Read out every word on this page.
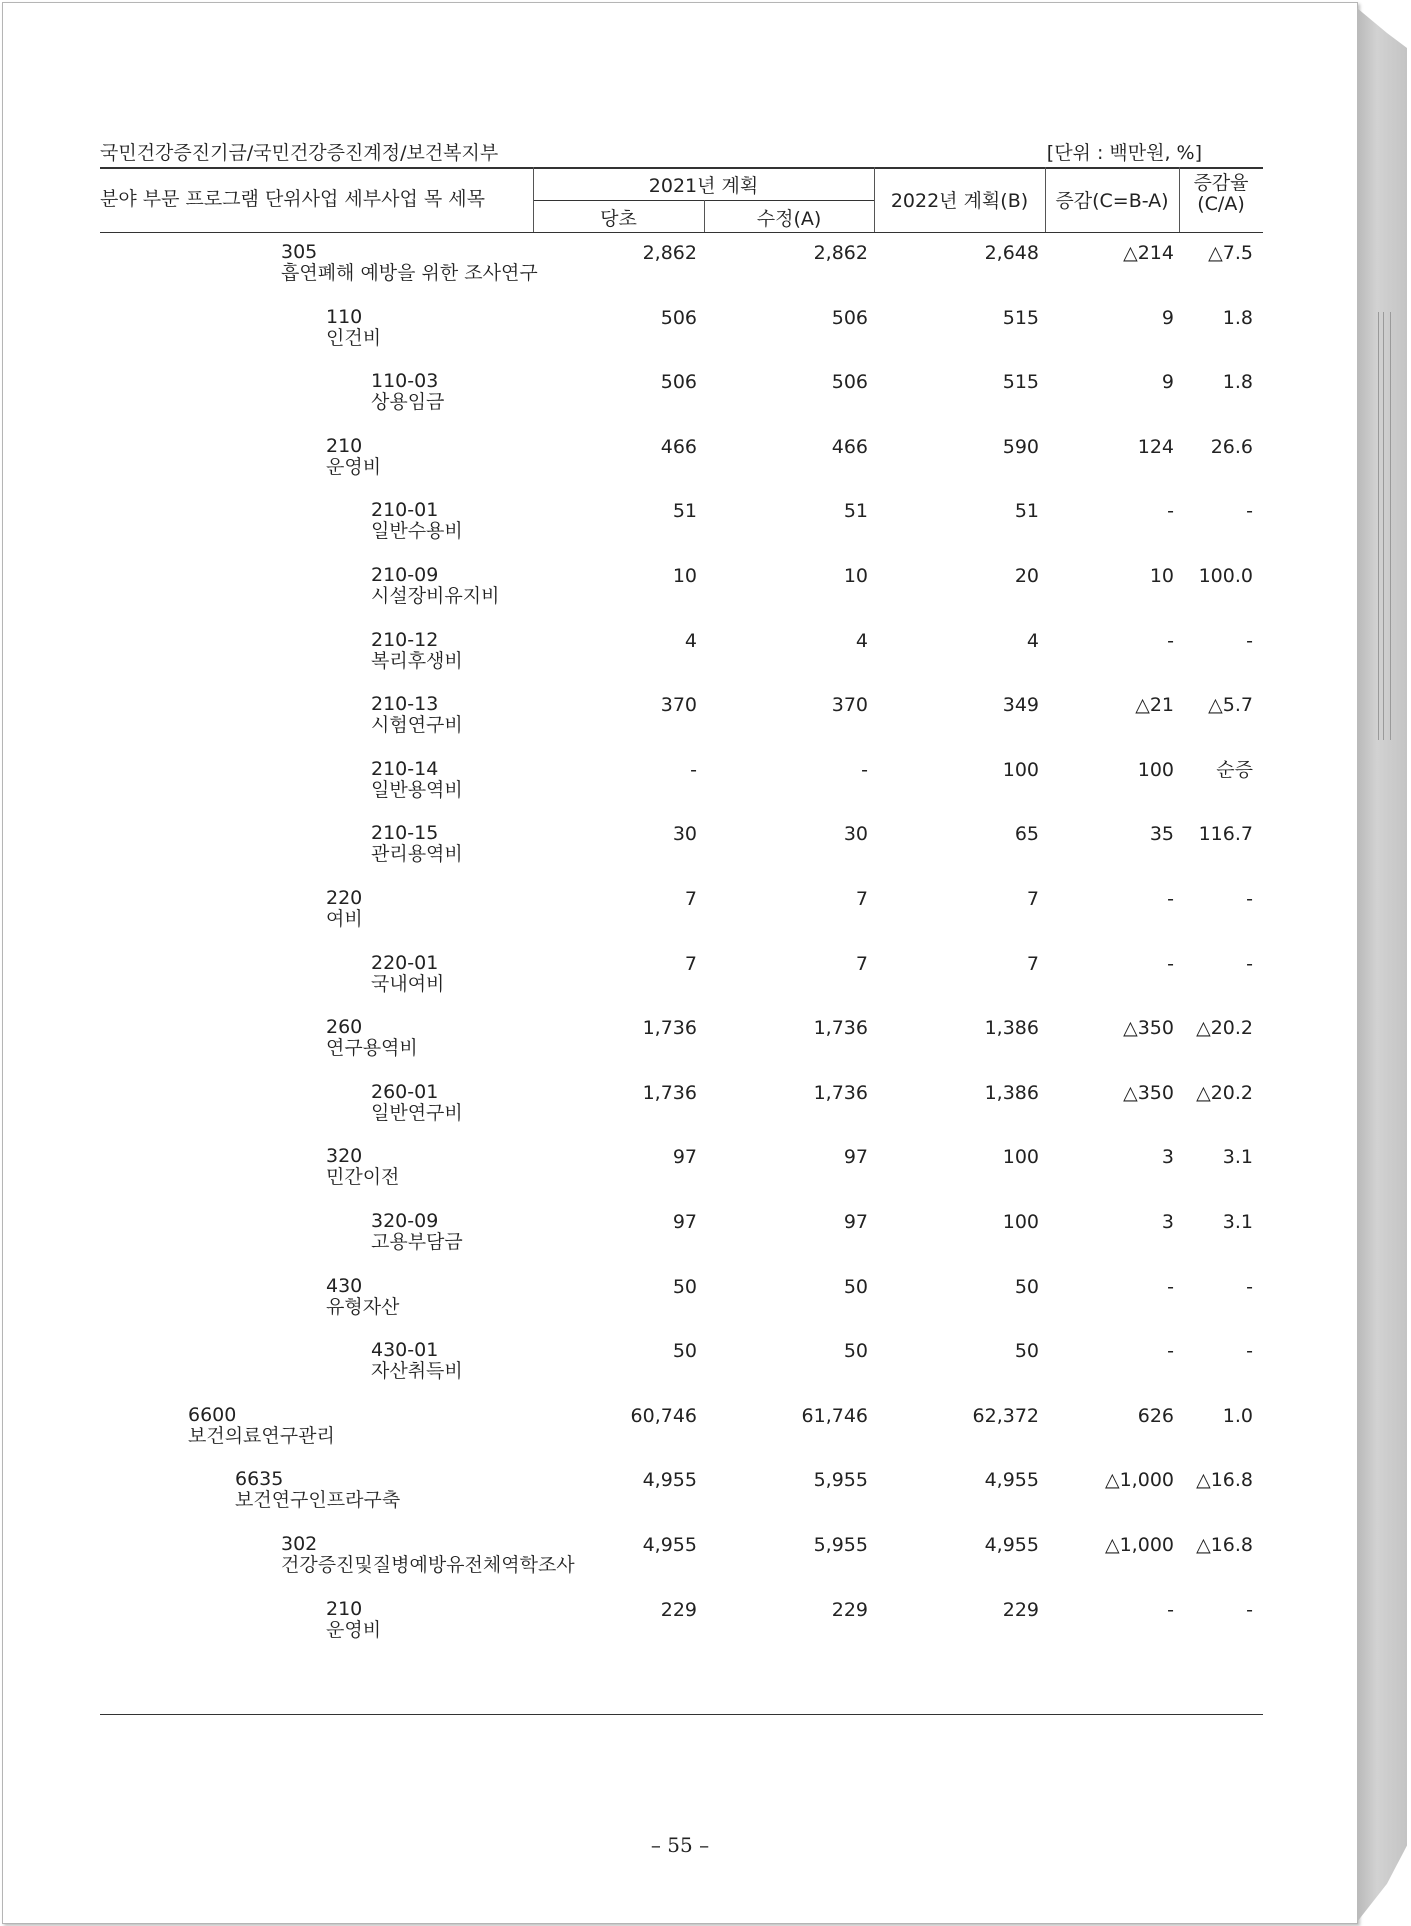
국민건강증진기금/국민건강증진계정/보건복지부	[단위 : 백만원, %]
분야 부문 프로그램 단위사업 세부사업 목 세목
2021년 계획
당초	수정(A)
2022년 계획(B)	증감(C=B-A)
증감율
(C/A)
305
흡연폐해 예방을 위한 조사연구
2,862	2,862	2,648	△214 △7.5
110
인건비
506	506	515	9	1.8
110-03
상용임금
506	506	515	9	1.8
210
운영비
466	466	590	124 26.6
210-01
일반수용비
51	51	51	-	-
210-09
시설장비유지비
10	10	20	10 100.0
210-12
복리후생비
4	4	4	-	-
210-13
시험연구비
370	370	349	△21 △5.7
210-14
일반용역비
-	-	100	100 순증
210-15
관리용역비
30	30	65	35 116.7
220
여비
7	7	7	-	-
220-01
국내여비
7	7	7	-	-
260
연구용역비
1,736	1,736	1,386	△350 △20.2
260-01
일반연구비
1,736	1,736	1,386	△350 △20.2
320
민간이전
97	97	100	3	3.1
320-09
고용부담금
97	97	100	3	3.1
430
유형자산
50	50	50	-	-
430-01
자산취득비
50	50	50	-	-
6600
보건의료연구관리
60,746	61,746	62,372	626	1.0
6635
보건연구인프라구축
4,955	5,955	4,955	△1,000 △16.8
302
건강증진및질병예방유전체역학조사
4,955	5,955	4,955	△1,000 △16.8
210
운영비
229	229	229	-	-
– 55 –
